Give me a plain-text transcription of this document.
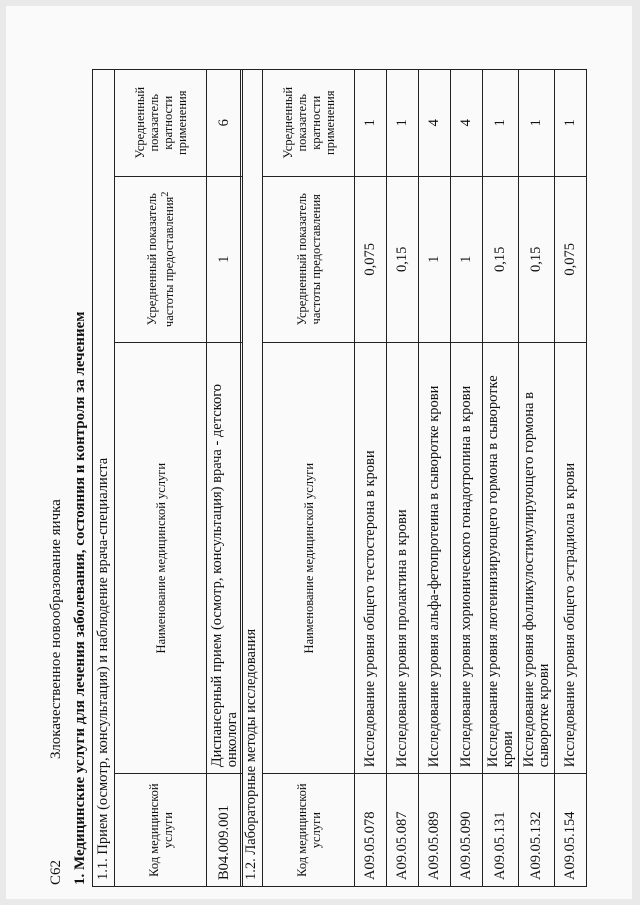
C62
Злокачественное новообразование яичка 1. Медицинские услуги для лечения заболевания, состояния и контроля за лечением 1.1. Прием (осмотр, консультация) и наблюдение врача-специалиста			
Код медицинской услуги	Наименование медицинской услуги	Усредненный показатель частоты предоставления$^2$	Усредненный показатель кратности применения
B04.009.001	Диспансерный прием (осмотр, консультация) врача - детского онколога	1	6
1.2. Лабораторные методы исследования			
Код медицинской услуги	Наименование медицинской услуги	Усредненный показатель частоты предоставления	Усредненный показатель кратности применения
A09.05.078	Исследование уровня общего тестостерона в крови	0,075	1
A09.05.087	Исследование уровня пролактина в крови	0,15	1
A09.05.089	Исследование уровня альфа-фетопротеина в сыворотке крови	1	4
A09.05.090	Исследование уровня хорионического гонадотропина в крови	1	4
A09.05.131	Исследование уровня лютеинизирующего гормона в сыворотке крови	0,15	1
A09.05.132	Исследование уровня фолликулостимулирующего гормона в сыворотке крови	0,15	1
A09.05.154	Исследование уровня общего эстрадиола в крови	0,075	1
